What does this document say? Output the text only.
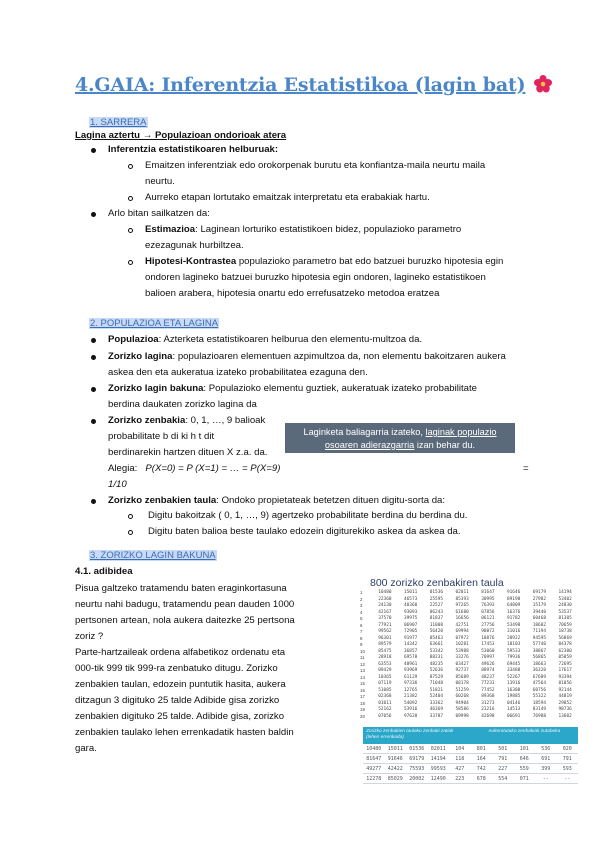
4.GAIA: Inferentzia Estatistikoa (lagin bat)
1. SARRERA
Lagina aztertu → Populazioan ondorioak atera
Inferentzia estatistikoaren helburuak:
Emaitzen inferentziak edo orokorpenak burutu eta konfiantza-maila neurtu maila
neurtu.
Aurreko etapan lortutako emaitzak interpretatu eta erabakiak hartu.
Arlo bitan sailkatzen da:
Estimazioa: Laginean lorturiko estatistikoen bidez, populazioko parametro
ezezagunak hurbiltzea.
Hipotesi-Kontrastea populazioko parametro bat edo batzuei buruzko hipotesia egin
ondoren lagineko batzuei buruzko hipotesia egin ondoren, lagineko estatistikoen
balioen arabera, hipotesia onartu edo errefusatzeko metodoa eratzea
2. POPULAZIOA ETA LAGINA
Populazioa: Azterketa estatistikoaren helburua den elementu-multzoa da.
Zorizko lagina: populazioaren elementuen azpimultzoa da, non elementu bakoitzaren aukera
askea den eta aukeratua izateko probabilitatea ezaguna den.
Zorizko lagin bakuna: Populazioko elementu guztiek, aukeratuak izateko probabilitate
berdina daukaten zorizko lagina da
Zorizko zenbakia: 0, 1, …, 9 balioak
probabilitate b di ki h t dit
berdinarekin hartzen dituen X z.a. da.
Alegia: P(X=0) = P (X=1) = … = P(X=9)	=
1/10
Laginketa baliagarria izateko, laginak populazio
osoaren adierazgarria izan behar du.
Zorizko zenbakien taula: Ondoko propietateak betetzen dituen digitu-sorta da:
Digitu bakoitzak ( 0, 1, …, 9) agertzeko probabilitate berdina du berdina du.
Digitu baten balioa beste taulako edozein digiturekiko askea da askea da.
3. ZORIZKO LAGIN BAKUNA
4.1. adibidea
Pisua galtzeko tratamendu baten eraginkortasuna
neurtu nahi badugu, tratamendu pean dauden 1000
pertsonen artean, nola aukera daitezke 25 pertsona
zoriz ?
Parte-hartzaileak ordena alfabetikoz ordenatu eta
000-tik 999 tik 999-ra zenbatuko ditugu. Zorizko
zenbakien taulan, edozein puntutik hasita, aukera
ditzagun 3 digituko 25 talde Adibide gisa zorizko
zenbakien digituko 25 talde. Adibide gisa, zorizko
zenbakien taulako lehen errenkadatik hasten baldin
gara.
800 zorizko zenbakiren taula
1	10480	15011	01536	02011	81647	91646	69179	14194
2	22368	46573	25595	85393	30995	89198	27982	53402
3	24130	48360	22527	97265	76393	64809	15179	24830
4	42167	93093	06243	61680	07856	16376	39440	53537
5	37570	39975	81837	16656	06121	91782	60468	81305
6	77921	06907	11008	42751	27756	53498	18602	70659
7	99562	72905	56420	69994	98872	31016	71194	18738
8	96301	91977	05463	07972	18876	20922	94595	56869
9	89579	14342	63661	10281	17453	18103	57740	84378
10	85475	36857	53342	53988	53060	59533	38867	62300
11	28918	69578	88231	33276	70997	79936	56865	05859
12	63553	40961	48235	03427	49626	69445	18663	72695
13	09429	93969	52636	92737	88974	33488	36320	17617
14	10365	61129	87529	85689	48237	52267	67689	93394
15	07119	97336	71048	08178	77233	13916	47564	81056
16	51085	12765	51821	51259	77452	16308	60756	92144
17	02368	21382	52404	60268	89368	19885	55322	44819
18	01011	54092	33362	94904	31273	04146	18594	29852
19	52162	53916	46369	58586	23216	14513	83149	98736
20	07056	97628	33787	09998	42698	06691	76988	13602
Zorizko zenbakien taulako zenbaki zatiak (lehen errenkada)
Aukeratutako zenbakiak zutabeka
10480	15011	01536	02011	104	801	501	101	536	020
81647	91646	69179	14194	118	164	791	646	691	791
49277	42422	75593	99593	427	742	227	559	399	593
12278	85029	20002	12490	223	678	554	071	--	--
